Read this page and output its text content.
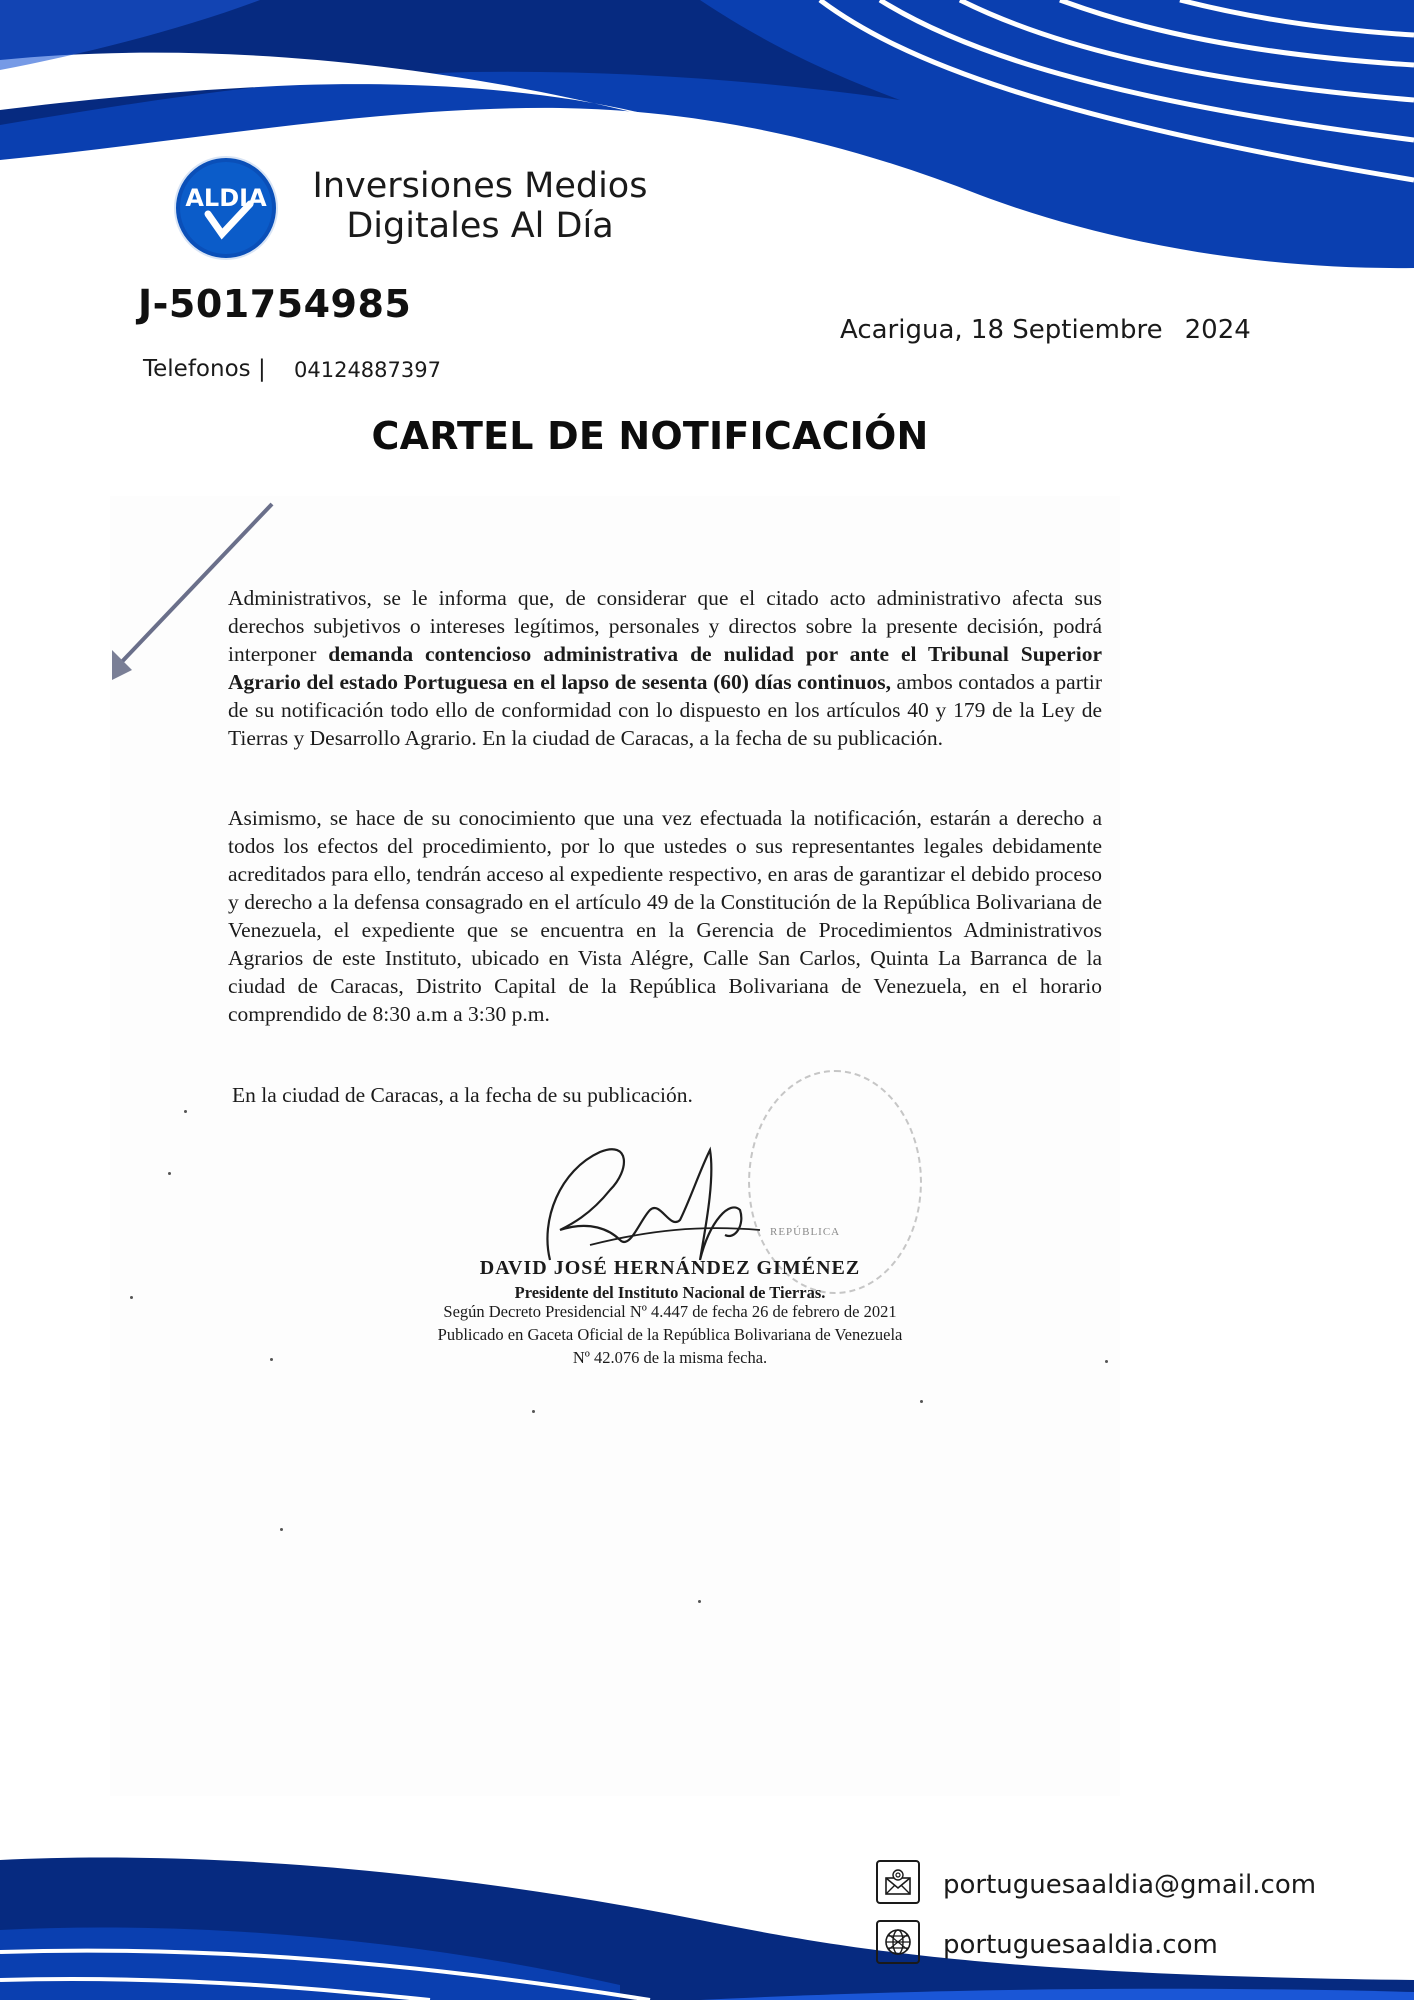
ALDIA	Inversiones Medios
Digitales Al Día
J-501754985
Telefonos | 04124887397
Acarigua, 18 Septiembre 2024
CARTEL DE NOTIFICACIÓN
Administrativos, se le informa que, de considerar que el citado acto administrativo afecta sus derechos subjetivos o intereses legítimos, personales y directos sobre la presente decisión, podrá interponer demanda contencioso administrativa de nulidad por ante el Tribunal Superior Agrario del estado Portuguesa en el lapso de sesenta (60) días continuos, ambos contados a partir de su notificación todo ello de conformidad con lo dispuesto en los artículos 40 y 179 de la Ley de Tierras y Desarrollo Agrario. En la ciudad de Caracas, a la fecha de su publicación.
Asimismo, se hace de su conocimiento que una vez efectuada la notificación, estarán a derecho a todos los efectos del procedimiento, por lo que ustedes o sus representantes legales debidamente acreditados para ello, tendrán acceso al expediente respectivo, en aras de garantizar el debido proceso y derecho a la defensa consagrado en el artículo 49 de la Constitución de la República Bolivariana de Venezuela, el expediente que se encuentra en la Gerencia de Procedimientos Administrativos Agrarios de este Instituto, ubicado en Vista Alégre, Calle San Carlos, Quinta La Barranca de la ciudad de Caracas, Distrito Capital de la República Bolivariana de Venezuela, en el horario comprendido de 8:30 a.m a 3:30 p.m.
En la ciudad de Caracas, a la fecha de su publicación.
REPÚBLICA
DAVID JOSÉ HERNÁNDEZ GIMÉNEZ
Presidente del Instituto Nacional de Tierras.
Según Decreto Presidencial Nº 4.447 de fecha 26 de febrero de 2021
Publicado en Gaceta Oficial de la República Bolivariana de Venezuela
Nº 42.076 de la misma fecha.
portuguesaaldia@gmail.com
portuguesaaldia.com
